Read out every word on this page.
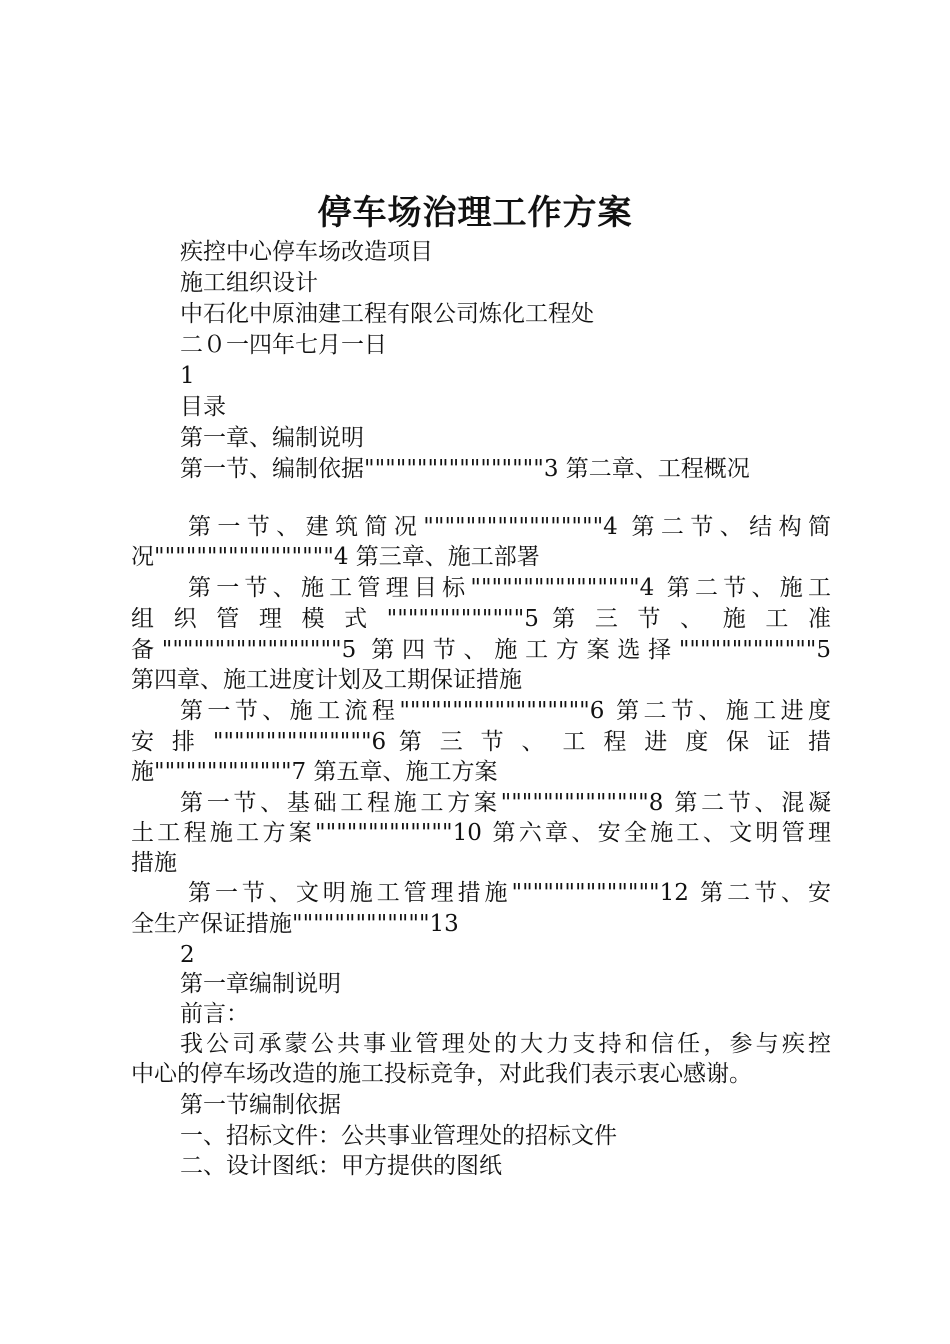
停车场治理工作方案
疾控中心停车场改造项目
施工组织设计
中石化中原油建工程有限公司炼化工程处
二０一四年七月一日
1
目录
第一章、编制说明
第一节、编制依据"""""""""""""""""3 第二章、工程概况
第一节、建筑简况"""""""""""""""""4 第二节、结构简
况"""""""""""""""""4 第三章、施工部署
第一节、施工管理目标""""""""""""""""4 第二节、施工
组 织 管 理 模 式 """""""""""""5 第 三 节 、 施 工 准
备"""""""""""""""""5 第四节、施工方案选择"""""""""""""5
第四章、施工进度计划及工期保证措施
第一节、施工流程""""""""""""""""""6 第二节、施工进度
安 排 """""""""""""""6 第 三 节 、 工 程 进 度 保 证 措
施"""""""""""""7 第五章、施工方案
第一节、基础工程施工方案""""""""""""""8 第二节、混凝
土工程施工方案"""""""""""""10 第六章、安全施工、文明管理
措施
第一节、文明施工管理措施""""""""""""""12 第二节、安
全生产保证措施"""""""""""""13
2
第一章编制说明
前言：
我公司承蒙公共事业管理处的大力支持和信任，参与疾控
中心的停车场改造的施工投标竞争，对此我们表示衷心感谢。
第一节编制依据
一、招标文件：公共事业管理处的招标文件
二、设计图纸：甲方提供的图纸
